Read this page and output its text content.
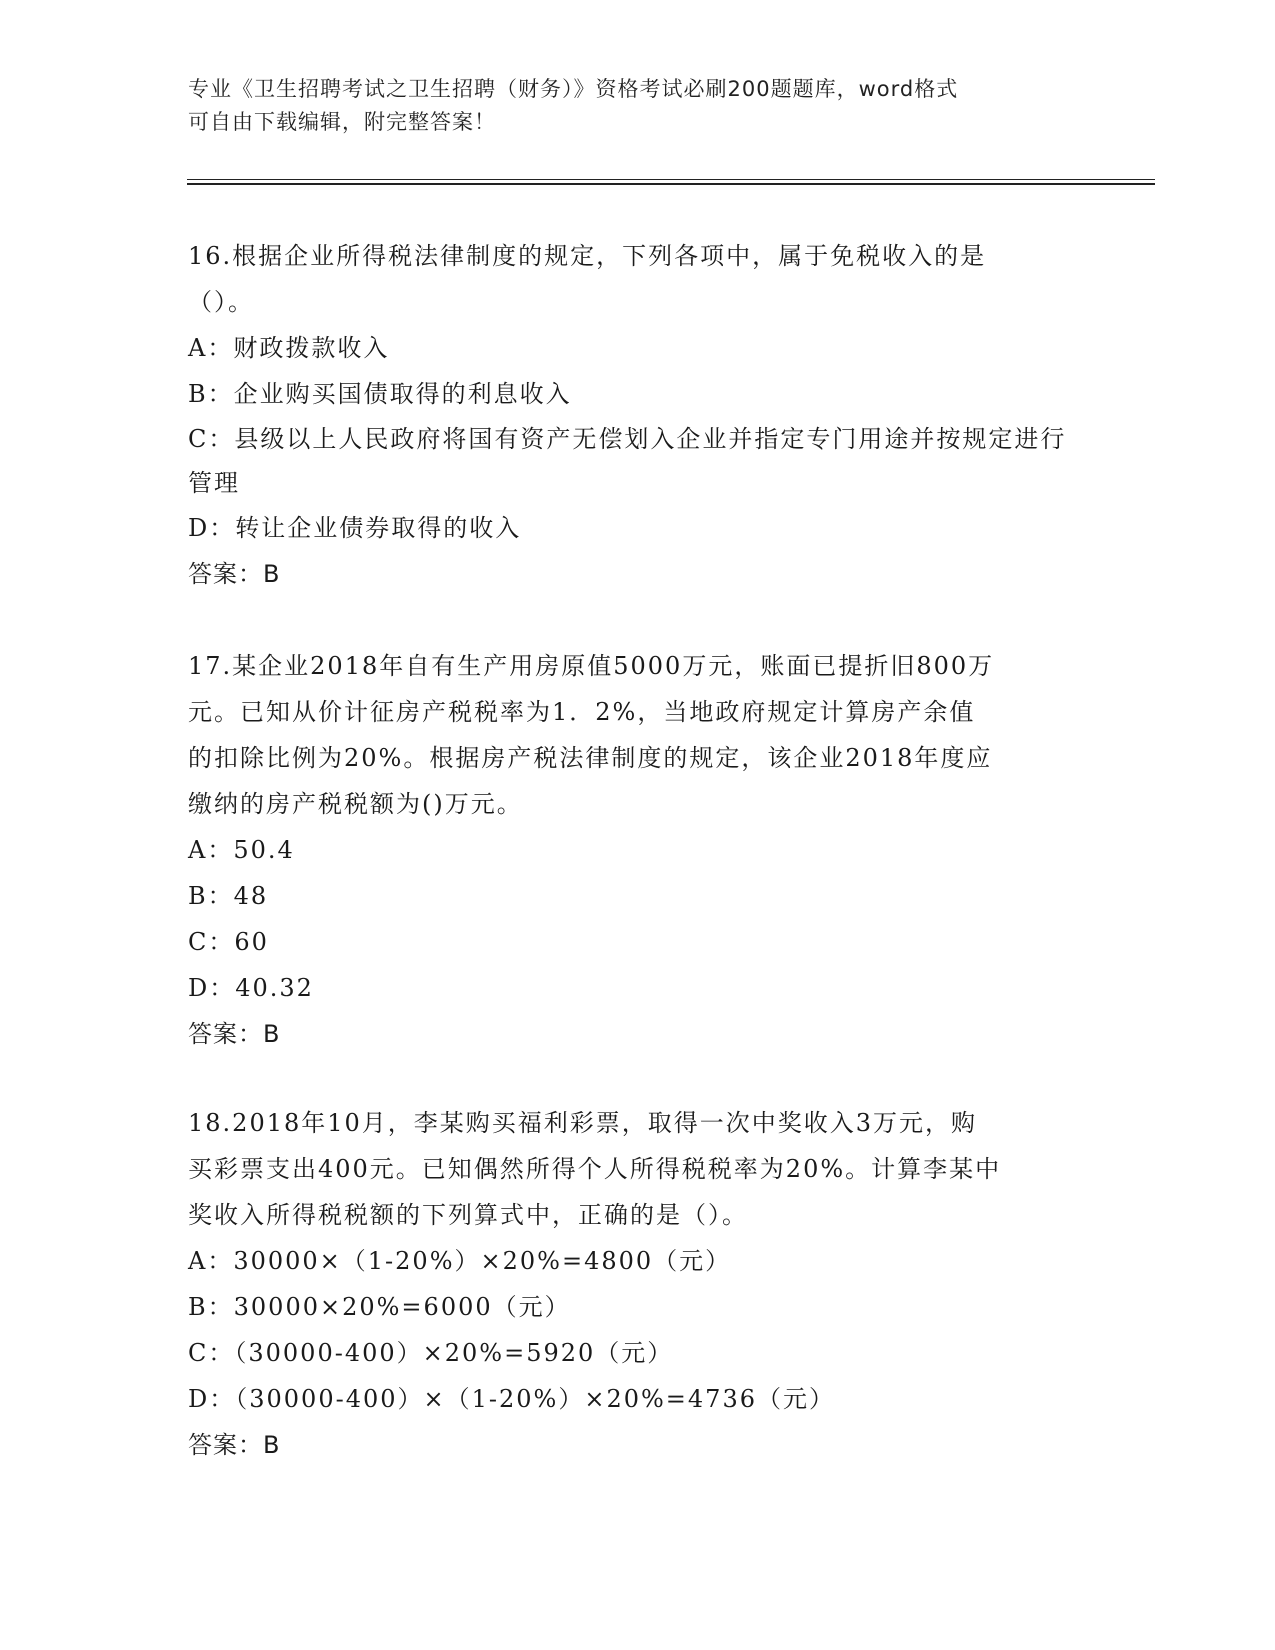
专业《卫生招聘考试之卫生招聘（财务）》资格考试必刷200题题库，word格式

可自由下载编辑，附完整答案！

16.根据企业所得税法律制度的规定，下列各项中，属于免税收入的是

（）。

A：财政拨款收入

B：企业购买国债取得的利息收入

C：县级以上人民政府将国有资产无偿划入企业并指定专门用途并按规定进行管理

D：转让企业债券取得的收入

答案：B

17.某企业2018年自有生产用房原值5000万元，账面已提折旧800万

元。已知从价计征房产税税率为1．2%，当地政府规定计算房产余值

的扣除比例为20%。根据房产税法律制度的规定，该企业2018年度应

缴纳的房产税税额为()万元。

A：50.4

B：48

C：60

D：40.32

答案：B

18.2018年10月，李某购买福利彩票，取得一次中奖收入3万元，购

买彩票支出400元。已知偶然所得个人所得税税率为20%。计算李某中

奖收入所得税税额的下列算式中，正确的是（）。

A：30000×（1-20%）×20%=4800（元）

B：30000×20%=6000（元）

C：（30000-400）×20%=5920（元）

D：（30000-400）×（1-20%）×20%=4736（元）

答案：B
